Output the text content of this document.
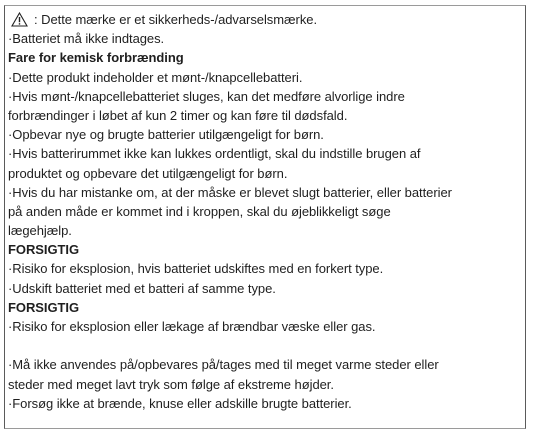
: Dette mærke er et sikkerheds-/advarselsmærke.
·Batteriet må ikke indtages.
Fare for kemisk forbrænding
·Dette produkt indeholder et mønt-/knapcellebatteri.
·Hvis mønt-/knapcellebatteriet sluges, kan det medføre alvorlige indre
forbrændinger i løbet af kun 2 timer og kan føre til dødsfald.
·Opbevar nye og brugte batterier utilgængeligt for børn.
·Hvis batterirummet ikke kan lukkes ordentligt, skal du indstille brugen af
produktet og opbevare det utilgængeligt for børn.
·Hvis du har mistanke om, at der måske er blevet slugt batterier, eller batterier
på anden måde er kommet ind i kroppen, skal du øjeblikkeligt søge
lægehjælp.
FORSIGTIG
·Risiko for eksplosion, hvis batteriet udskiftes med en forkert type.
·Udskift batteriet med et batteri af samme type.
FORSIGTIG
·Risiko for eksplosion eller lækage af brændbar væske eller gas.
·Må ikke anvendes på/opbevares på/tages med til meget varme steder eller
steder med meget lavt tryk som følge af ekstreme højder.
·Forsøg ikke at brænde, knuse eller adskille brugte batterier.
